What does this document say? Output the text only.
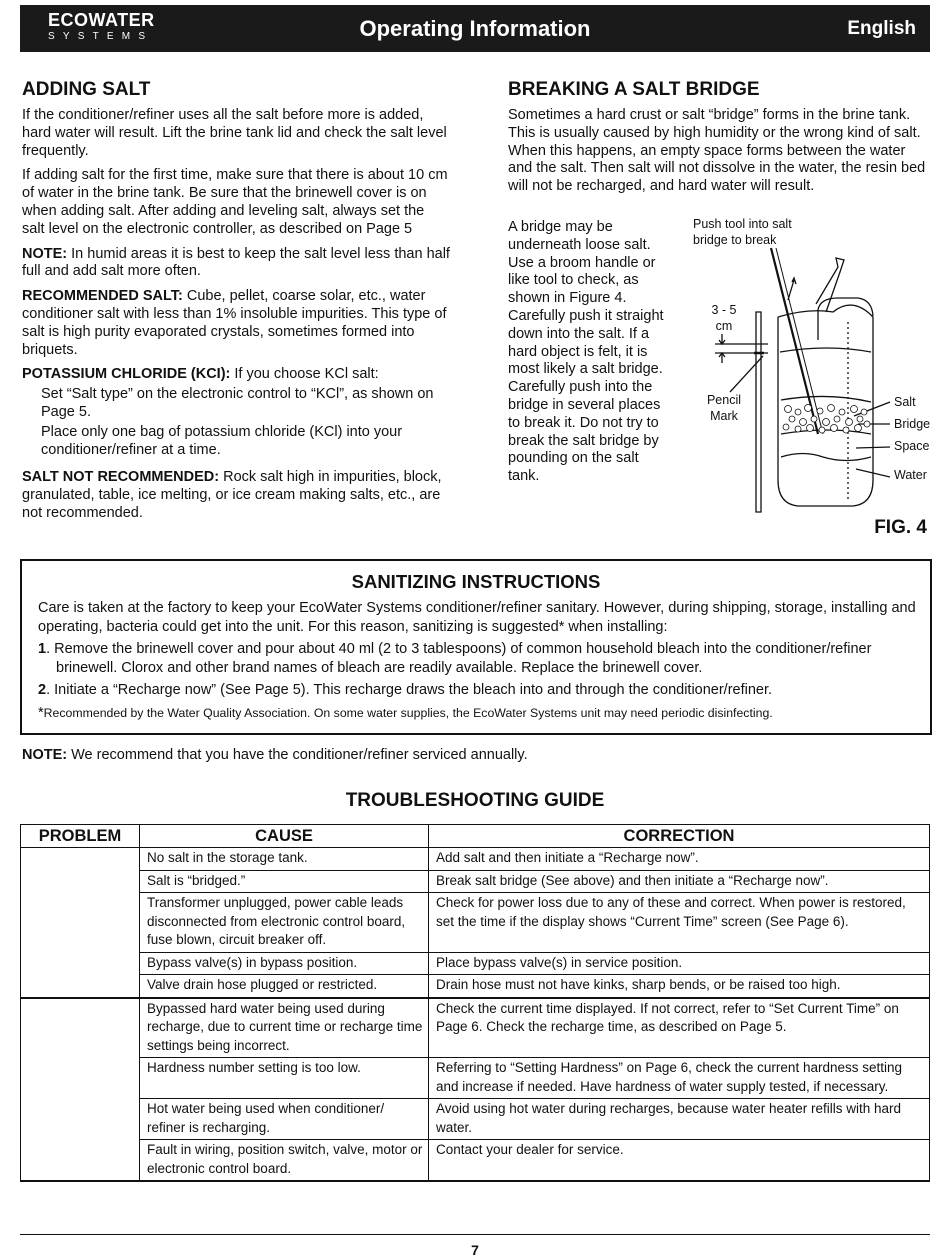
ECOWATER
SYSTEMS	Operating Information	English
ADDING SALT

If the conditioner/refiner uses all the salt before more is added, hard water will result. Lift the brine tank lid and check the salt level frequently.

If adding salt for the first time, make sure that there is about 10 cm of water in the brine tank. Be sure that the brinewell cover is on when adding salt. After adding and leveling salt, always set the salt level on the electronic controller, as described on Page 5

NOTE: In humid areas it is best to keep the salt level less than half full and add salt more often.

RECOMMENDED SALT: Cube, pellet, coarse solar, etc., water conditioner salt with less than 1% insoluble impurities. This type of salt is high purity evaporated crystals, sometimes formed into briquets.

POTASSIUM CHLORIDE (KCI): If you choose KCl salt:

Set “Salt type” on the electronic control to “KCl”, as shown on Page 5.

Place only one bag of potassium chloride (KCl) into your conditioner/refiner at a time.

SALT NOT RECOMMENDED: Rock salt high in impurities, block, granulated, table, ice melting, or ice cream making salts, etc., are not recommended.

BREAKING A SALT BRIDGE

Sometimes a hard crust or salt “bridge” forms in the brine tank. This is usually caused by high humidity or the wrong kind of salt. When this happens, an empty space forms between the water and the salt. Then salt will not dissolve in the water, the resin bed will not be recharged, and hard water will result.

A bridge may be underneath loose salt. Use a broom handle or like tool to check, as shown in Figure 4. Carefully push it straight down into the salt. If a hard object is felt, it is most likely a salt bridge. Carefully push into the bridge in several places to break it. Do not try to break the salt bridge by pounding on the salt tank.
Push tool into salt bridge to break
3 - 5 cm
Pencil Mark
Salt
Bridge
Space
Water
FIG. 4
SANITIZING INSTRUCTIONS

Care is taken at the factory to keep your EcoWater Systems conditioner/refiner sanitary. However, during shipping, storage, installing and operating, bacteria could get into the unit. For this reason, sanitizing is suggested* when installing:

1. Remove the brinewell cover and pour about 40 ml (2 to 3 tablespoons) of common household bleach into the conditioner/refiner brinewell. Clorox and other brand names of bleach are readily available. Replace the brinewell cover.

2. Initiate a “Recharge now” (See Page 5). This recharge draws the bleach into and through the conditioner/refiner.

*Recommended by the Water Quality Association. On some water supplies, the EcoWater Systems unit may need periodic disinfecting.

NOTE: We recommend that you have the conditioner/refiner serviced annually.
TROUBLESHOOTING GUIDE
PROBLEM	CAUSE	CORRECTION
	No salt in the storage tank.	Add salt and then initiate a “Recharge now”.
	Salt is “bridged.”	Break salt bridge (See above) and then initiate a “Recharge now”.
	Transformer unplugged, power cable leads disconnected from electronic control board, fuse blown, circuit breaker off.	Check for power loss due to any of these and correct. When power is restored, set the time if the display shows “Current Time” screen (See Page 6).
	Bypass valve(s) in bypass position.	Place bypass valve(s) in service position.
	Valve drain hose plugged or restricted.	Drain hose must not have kinks, sharp bends, or be raised too high.
	Bypassed hard water being used during recharge, due to current time or recharge time settings being incorrect.	Check the current time displayed. If not correct, refer to “Set Current Time” on Page 6. Check the recharge time, as described on Page 5.
	Hardness number setting is too low.	Referring to “Setting Hardness” on Page 6, check the current hardness setting and increase if needed. Have hardness of water supply tested, if necessary.
	Hot water being used when conditioner/ refiner is recharging.	Avoid using hot water during recharges, because water heater refills with hard water.
	Fault in wiring, position switch, valve, motor or electronic control board.	Contact your dealer for service.
7
